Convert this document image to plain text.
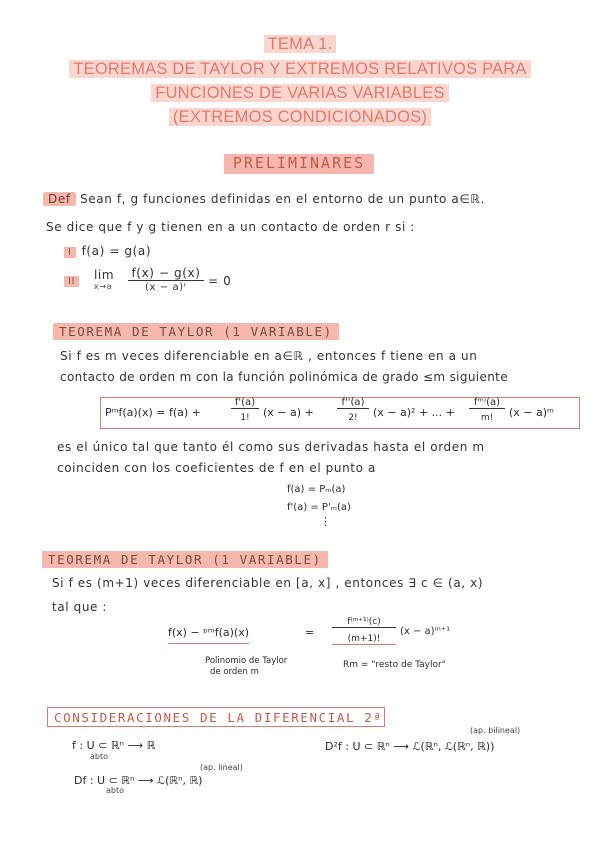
TEMA 1.
TEOREMAS DE TAYLOR Y EXTREMOS RELATIVOS PARA
FUNCIONES DE VARIAS VARIABLES
(EXTREMOS CONDICIONADOS)
PRELIMINARES
Def Sean f, g funciones definidas en el entorno de un punto a∈ℝ.
Se dice que f y g tienen en a un contacto de orden r si :
I f(a) = g(a)
II	lim
x→a
f(x) − g(x)
(x − a)ʳ	= 0
TEOREMA DE TAYLOR (1 VARIABLE)
Si f es m veces diferenciable en a∈ℝ , entonces f tiene en a un
contacto de orden m con la función polinómica de grado ≤m siguiente
Pᵐf(a)(x) = f(a) +
f'(a)
1!	(x − a) +
f''(a)
2!	(x − a)² + ... +
fᵐ⁾(a)
m!	(x − a)ᵐ
es el único tal que tanto él como sus derivadas hasta el orden m
coinciden con los coeficientes de f en el punto a
f(a) = Pₘ(a)
f'(a) = P'ₘ(a)
⋮
TEOREMA DE TAYLOR (1 VARIABLE)
Si f es (m+1) veces diferenciable en [a, x] , entonces ∃ c ∈ (a, x)
tal que :
f(x) − ᵖᵐf(a)(x)	=
f⁽ᵐ⁺¹⁾(c)
(m+1)!
(x − a)ᵐ⁺¹
Polinomio de Taylor
de orden m
Rm = "resto de Taylor"
CONSIDERACIONES DE LA DIFERENCIAL 2ª
f : U ⊂ ℝⁿ ⟶ ℝ
abto
Df : U ⊂ ℝⁿ ⟶ ℒ(ℝⁿ, ℝ)
abto
(ap. lineal)
D²f : U ⊂ ℝⁿ ⟶ ℒ(ℝⁿ, ℒ(ℝⁿ, ℝ))
(ap. bilineal)
